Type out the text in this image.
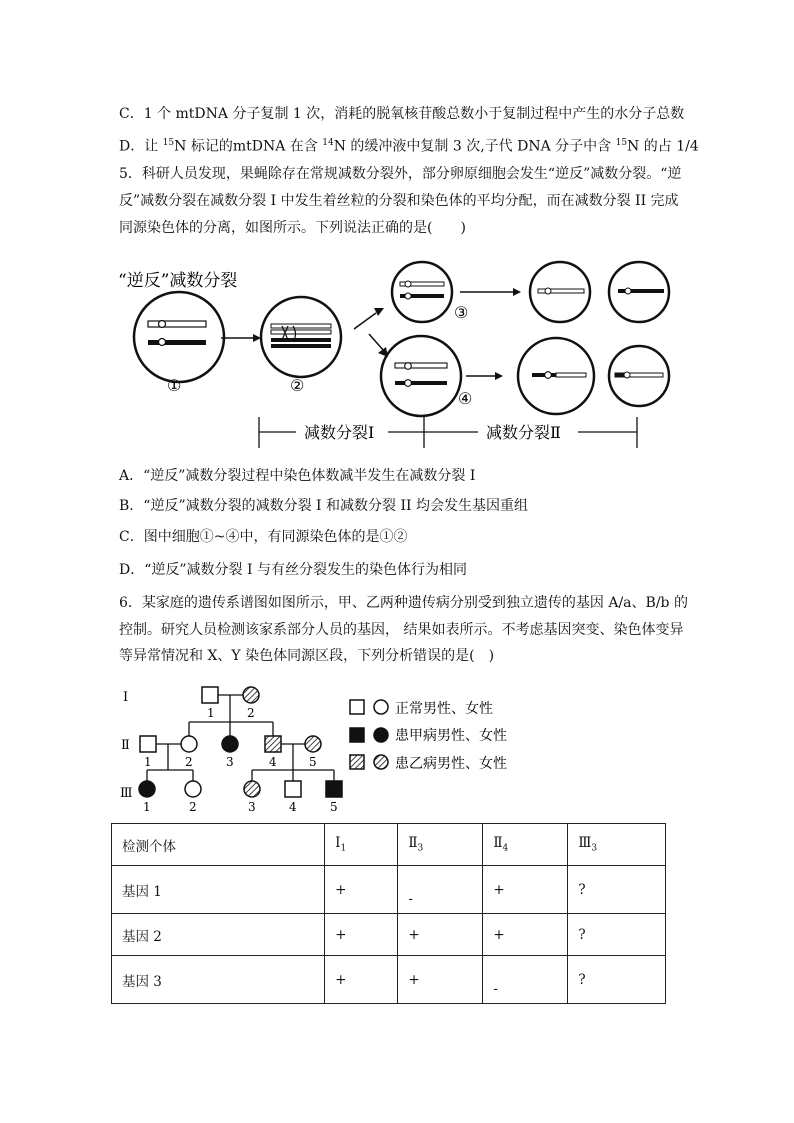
C．1 个 mtDNA 分子复制 1 次，消耗的脱氧核苷酸总数小于复制过程中产生的水分子总数
D．让 $^{15}$N 标记的mtDNA 在含 $^{14}$N 的缓冲液中复制 3 次,子代 DNA 分子中含 $^{15}$N 的占 1/4
5．科研人员发现，果蝇除存在常规减数分裂外，部分卵原细胞会发生“逆反”减数分裂。“逆
反”减数分裂在减数分裂 I 中发生着丝粒的分裂和染色体的平均分配，而在减数分裂 II 完成
同源染色体的分离，如图所示。下列说法正确的是(　　)
“逆反”减数分裂
①	②
③
④
减数分裂Ⅰ	减数分裂Ⅱ
A．“逆反”减数分裂过程中染色体数减半发生在减数分裂 I
B．“逆反”减数分裂的减数分裂 I 和减数分裂 II 均会发生基因重组
C．图中细胞①~④中，有同源染色体的是①②
D．“逆反”减数分裂 I 与有丝分裂发生的染色体行为相同
6．某家庭的遗传系谱图如图所示，甲、乙两种遗传病分别受到独立遗传的基因 A/a、B/b 的
控制。研究人员检测该家系部分人员的基因， 结果如表所示。不考虑基因突变、染色体变异
等异常情况和 X、Y 染色体同源区段，下列分析错误的是(　)
Ⅰ
Ⅱ
Ⅲ
1	2
1	2	3	4	5
1	2	3	4	5
正常男性、女性
患甲病男性、女性
患乙病男性、女性
检测个体	$Ⅰ_1$	$Ⅱ_3$	$Ⅱ_4$	$Ⅲ_3$
基因 1	+	-	+	?
基因 2	+	+	+	?
基因 3	+	+	-	?
